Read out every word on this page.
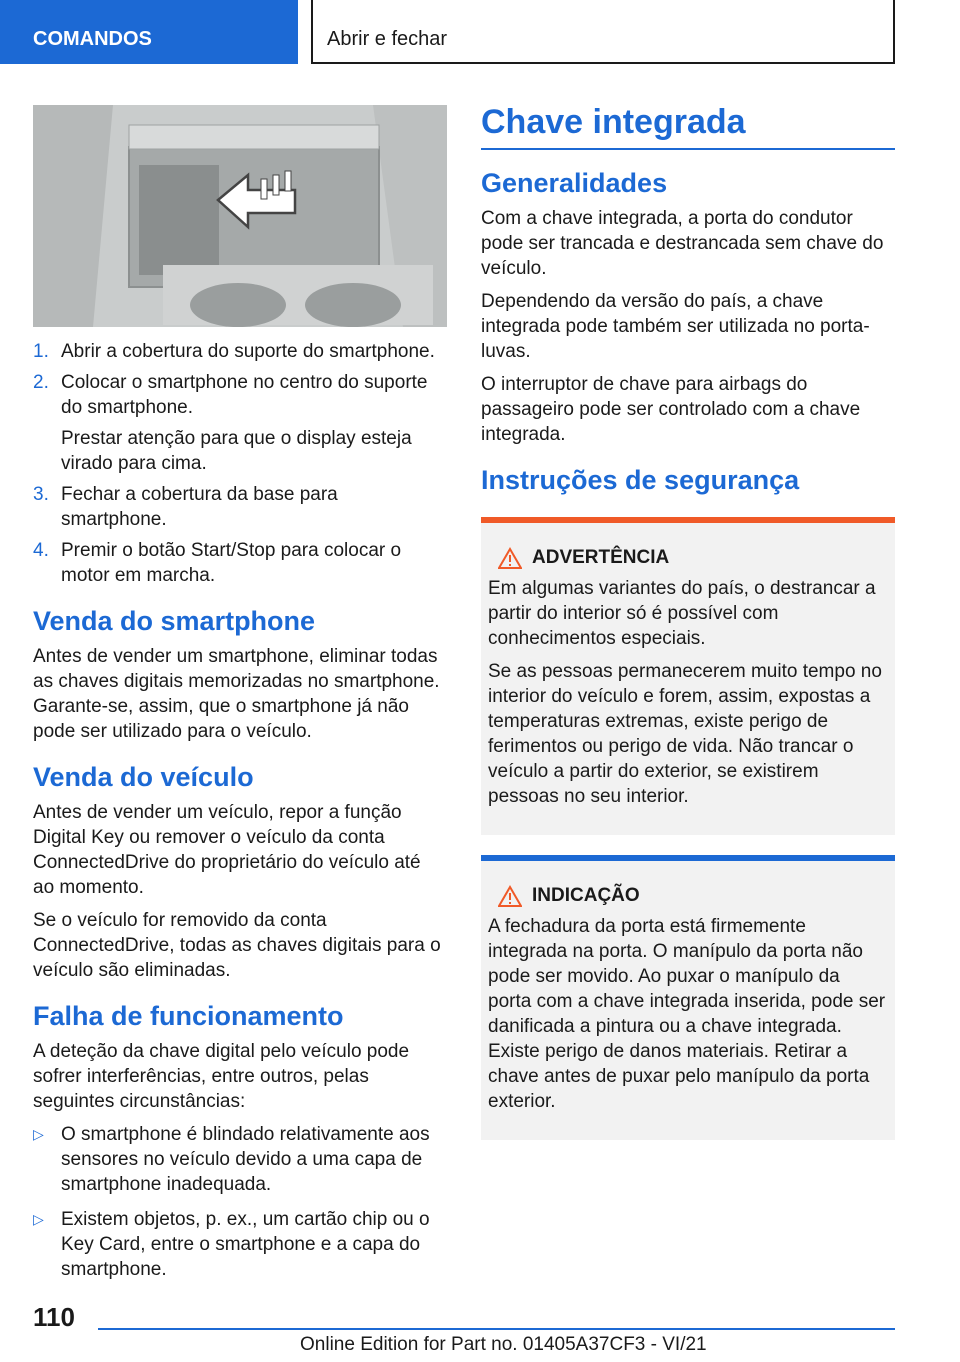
COMANDOS	Abrir e fechar
1. Abrir a cobertura do suporte do smartphone.
2. Colocar o smartphone no centro do suporte do smartphone.

Prestar atenção para que o display esteja virado para cima.

3. Fechar a cobertura da base para smartphone.
4. Premir o botão Start/Stop para colocar o motor em marcha.
Venda do smartphone

Antes de vender um smartphone, eliminar todas as chaves digitais memorizadas no smartphone. Garante-se, assim, que o smartphone já não pode ser utilizado para o veículo.

Venda do veículo

Antes de vender um veículo, repor a função Digital Key ou remover o veículo da conta ConnectedDrive do proprietário do veículo até ao momento.

Se o veículo for removido da conta ConnectedDrive, todas as chaves digitais para o veículo são eliminadas.

Falha de funcionamento

A deteção da chave digital pelo veículo pode sofrer interferências, entre outros, pelas seguintes circunstâncias:

▷ O smartphone é blindado relativamente aos sensores no veículo devido a uma capa de smartphone inadequada.
▷ Existem objetos, p. ex., um cartão chip ou o Key Card, entre o smartphone e a capa do smartphone.
Chave integrada
Generalidades

Com a chave integrada, a porta do condutor pode ser trancada e destrancada sem chave do veículo.

Dependendo da versão do país, a chave integrada pode também ser utilizada no porta-luvas.

O interruptor de chave para airbags do passageiro pode ser controlado com a chave integrada.

Instruções de segurança
ADVERTÊNCIA

Em algumas variantes do país, o destrancar a partir do interior só é possível com conhecimentos especiais.

Se as pessoas permanecerem muito tempo no interior do veículo e forem, assim, expostas a temperaturas extremas, existe perigo de ferimentos ou perigo de vida. Não trancar o veículo a partir do exterior, se existirem pessoas no seu interior.

INDICAÇÃO

A fechadura da porta está firmemente integrada na porta. O manípulo da porta não pode ser movido. Ao puxar o manípulo da porta com a chave integrada inserida, pode ser danificada a pintura ou a chave integrada. Existe perigo de danos materiais. Retirar a chave antes de puxar pelo manípulo da porta exterior.

110
Online Edition for Part no. 01405A37CF3 - VI/21
